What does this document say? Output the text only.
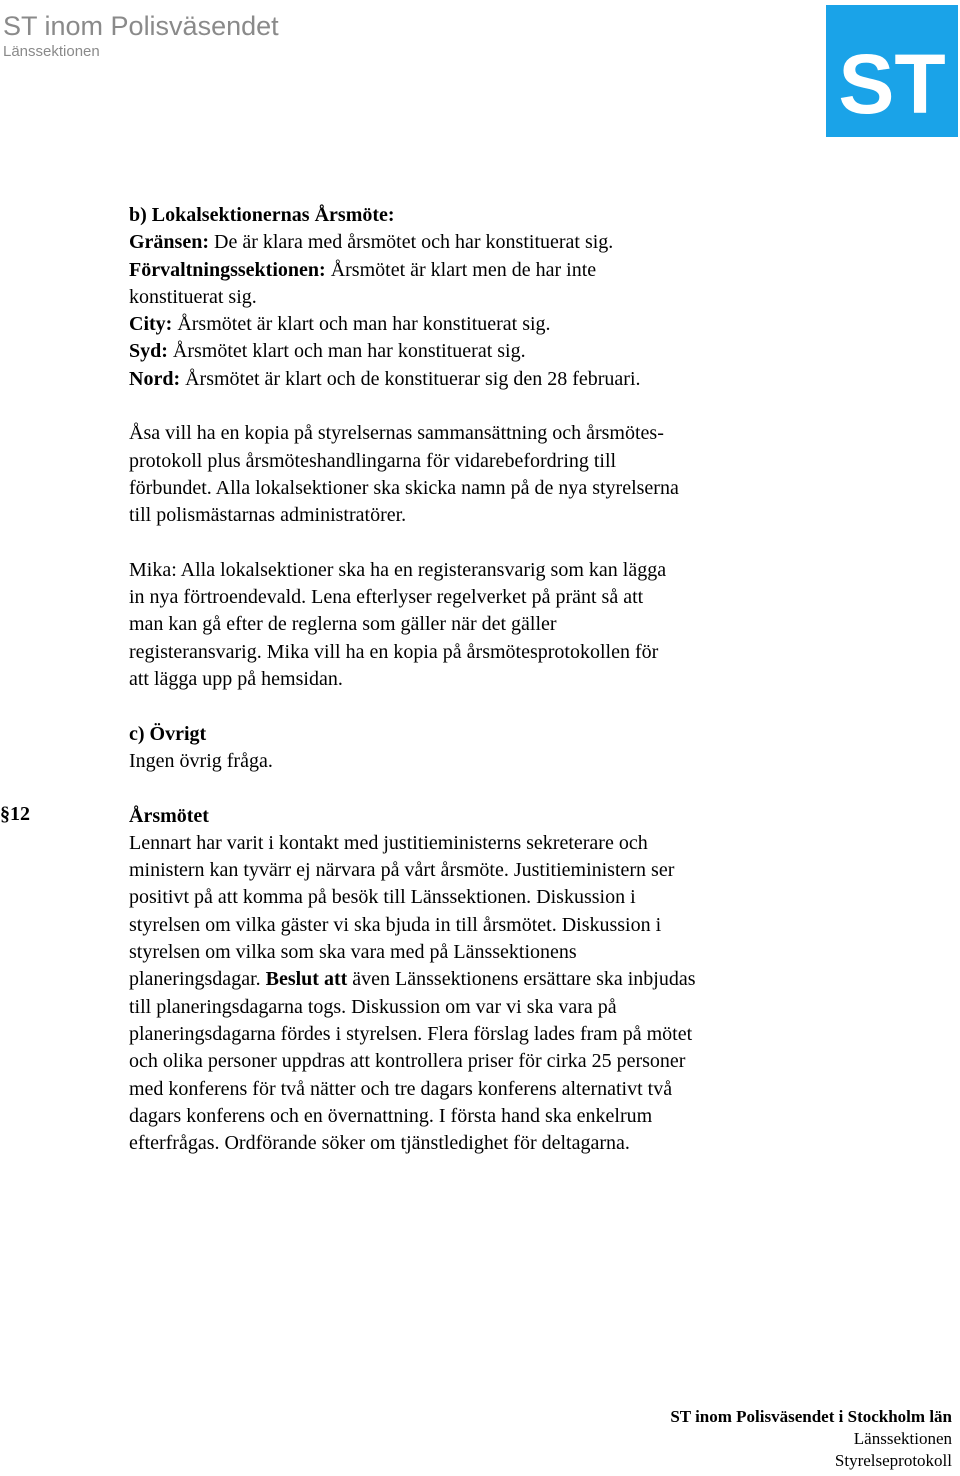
ST inom Polisväsendet
Länssektionen	ST

b) Lokalsektionernas Årsmöte:

Gränsen: De är klara med årsmötet och har konstituerat sig.

Förvaltningssektionen: Årsmötet är klart men de har inte

konstituerat sig.

City: Årsmötet är klart och man har konstituerat sig.

Syd: Årsmötet klart och man har konstituerat sig.

Nord: Årsmötet är klart och de konstituerar sig den 28 februari.

Åsa vill ha en kopia på styrelsernas sammansättning och årsmötes-

protokoll plus årsmöteshandlingarna för vidarebefordring till

förbundet. Alla lokalsektioner ska skicka namn på de nya styrelserna

till polismästarnas administratörer.

Mika: Alla lokalsektioner ska ha en registeransvarig som kan lägga

in nya förtroendevald. Lena efterlyser regelverket på pränt så att

man kan gå efter de reglerna som gäller när det gäller

registeransvarig. Mika vill ha en kopia på årsmötesprotokollen för

att lägga upp på hemsidan.

c) Övrigt

Ingen övrig fråga.

Årsmötet

Lennart har varit i kontakt med justitieministerns sekreterare och

ministern kan tyvärr ej närvara på vårt årsmöte. Justitieministern ser

positivt på att komma på besök till Länssektionen. Diskussion i

styrelsen om vilka gäster vi ska bjuda in till årsmötet. Diskussion i

styrelsen om vilka som ska vara med på Länssektionens

planeringsdagar. Beslut att även Länssektionens ersättare ska inbjudas

till planeringsdagarna togs. Diskussion om var vi ska vara på

planeringsdagarna fördes i styrelsen. Flera förslag lades fram på mötet

och olika personer uppdras att kontrollera priser för cirka 25 personer

med konferens för två nätter och tre dagars konferens alternativt två

dagars konferens och en övernattning. I första hand ska enkelrum

efterfrågas. Ordförande söker om tjänstledighet för deltagarna.

§12
ST inom Polisväsendet i Stockholm län
Länssektionen
Styrelseprotokoll
